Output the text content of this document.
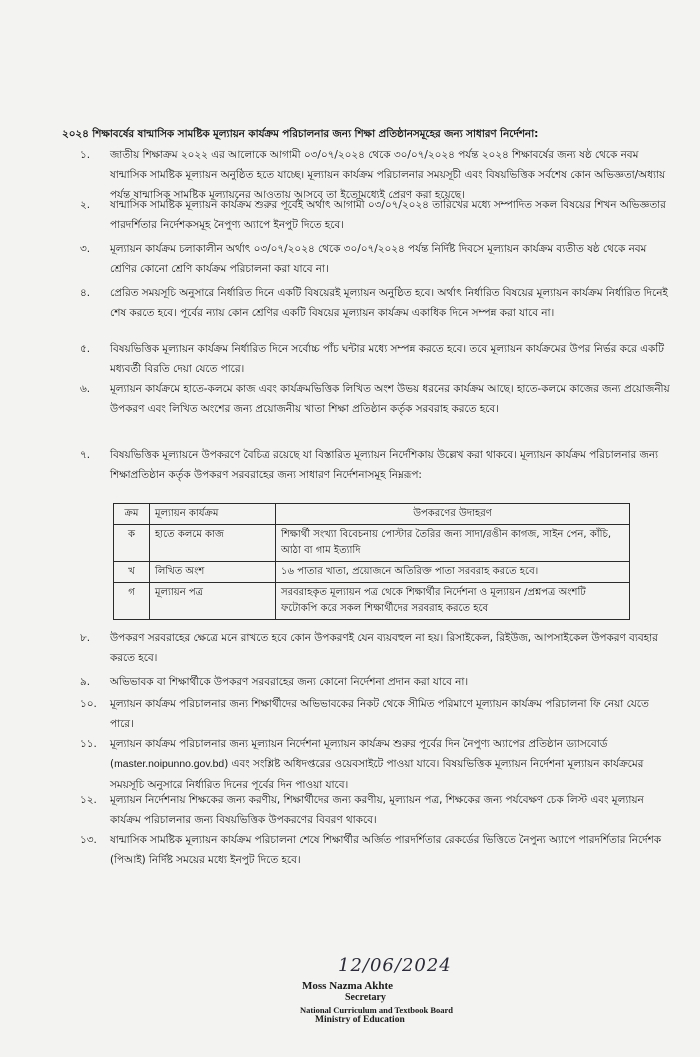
২০২৪ শিক্ষাবর্ষের ষান্মাসিক সামষ্টিক মূল্যায়ন কার্যক্রম পরিচালনার জন্য শিক্ষা প্রতিষ্ঠানসমূহের জন্য সাধারণ নির্দেশনা:
১. জাতীয় শিক্ষাক্রম ২০২২ এর আলোকে আগামী ০৩/০৭/২০২৪ থেকে ৩০/০৭/২০২৪ পর্যন্ত ২০২৪ শিক্ষাবর্ষের জন্য ষষ্ঠ থেকে নবম ষান্মাসিক সামষ্টিক মূল্যায়ন অনুষ্ঠিত হতে যাচ্ছে। মূল্যায়ন কার্যক্রম পরিচালনার সময়সূচী এবং বিষয়ভিত্তিক সর্বশেষ কোন অভিজ্ঞতা/অধ্যায় পর্যন্ত ষান্মাসিক সামষ্টিক মূল্যায়নের আওতায় আসবে তা ইতোমধ্যেই প্রেরণ করা হয়েছে।
২. ষান্মাসিক সামষ্টিক মূল্যায়ন কার্যক্রম শুরুর পূর্বেই অর্থাৎ আগামী ০৩/০৭/২০২৪ তারিখের মধ্যে সম্পাদিত সকল বিষয়ের শিখন অভিজ্ঞতার পারদর্শিতার নির্দেশকসমূহ নৈপুণ্য অ্যাপে ইনপুট দিতে হবে।
৩. মূল্যায়ন কার্যক্রম চলাকালীন অর্থাৎ ০৩/০৭/২০২৪ থেকে ৩০/০৭/২০২৪ পর্যন্ত নির্দিষ্ট দিবসে মূল্যায়ন কার্যক্রম ব্যতীত ষষ্ঠ থেকে নবম শ্রেণির কোনো শ্রেণি কার্যক্রম পরিচালনা করা যাবে না।
৪. প্রেরিত সময়সূচি অনুসারে নির্ধারিত দিনে একটি বিষয়েরই মূল্যায়ন অনুষ্ঠিত হবে। অর্থাৎ নির্ধারিত বিষয়ের মূল্যায়ন কার্যক্রম নির্ধারিত দিনেই শেষ করতে হবে। পূর্বের ন্যায় কোন শ্রেণির একটি বিষয়ের মূল্যায়ন কার্যক্রম একাধিক দিনে সম্পন্ন করা যাবে না।
৫. বিষয়ভিত্তিক মূল্যায়ন কার্যক্রম নির্ধারিত দিনে সর্বোচ্চ পাঁচ ঘন্টার মধ্যে সম্পন্ন করতে হবে। তবে মূল্যায়ন কার্যক্রমের উপর নির্ভর করে একটি মধ্যবর্তী বিরতি দেয়া যেতে পারে।
৬. মূল্যায়ন কার্যক্রমে হাতে-কলমে কাজ এবং কার্যক্রমভিত্তিক লিখিত অংশ উভয় ধরনের কার্যক্রম আছে। হাতে-কলমে কাজের জন্য প্রয়োজনীয় উপকরণ এবং লিখিত অংশের জন্য প্রয়োজনীয় খাতা শিক্ষা প্রতিষ্ঠান কর্তৃক সরবরাহ করতে হবে।
৭. বিষয়ভিত্তিক মূল্যায়নে উপকরণে বৈচিত্র রয়েছে যা বিস্তারিত মূল্যায়ন নির্দেশিকায় উল্লেখ করা থাকবে। মূল্যায়ন কার্যক্রম পরিচালনার জন্য শিক্ষাপ্রতিষ্ঠান কর্তৃক উপকরণ সরবরাহের জন্য সাধারণ নির্দেশনাসমূহ নিম্নরূপ:
ক্রম	মূল্যায়ন কার্যক্রম	উপকরণের উদাহরণ
ক	হাতে কলমে কাজ	শিক্ষার্থী সংখ্যা বিবেচনায় পোস্টার তৈরির জন্য সাদা/রঙীন কাগজ, সাইন পেন, কাঁচি, আঠা বা গাম ইত্যাদি
খ	লিখিত অংশ	১৬ পাতার খাতা, প্রয়োজনে অতিরিক্ত পাতা সরবরাহ করতে হবে।
গ	মূল্যায়ন পত্র	সরবরাহকৃত মূল্যায়ন পত্র থেকে শিক্ষার্থীর নির্দেশনা ও মূল্যায়ন /প্রশ্নপত্র অংশটি ফটোকপি করে সকল শিক্ষার্থীদের সরবরাহ করতে হবে
৮. উপকরণ সরবরাহের ক্ষেত্রে মনে রাখতে হবে কোন উপকরণই যেন ব্যয়বহুল না হয়। রিসাইকেল, রিইউজ, আপসাইকেল উপকরণ ব্যবহার করতে হবে।
৯. অভিভাবক বা শিক্ষার্থীকে উপকরণ সরবরাহের জন্য কোনো নির্দেশনা প্রদান করা যাবে না।
১০. মূল্যায়ন কার্যক্রম পরিচালনার জন্য শিক্ষার্থীদের অভিভাবকের নিকট থেকে সীমিত পরিমাণে মূল্যায়ন কার্যক্রম পরিচালনা ফি নেয়া যেতে পারে।
১১. মূল্যায়ন কার্যক্রম পরিচালনার জন্য মূল্যায়ন নির্দেশনা মূল্যায়ন কার্যক্রম শুরুর পূর্বের দিন নৈপুণ্য অ্যাপের প্রতিষ্ঠান ড্যাসবোর্ড (master.noipunno.gov.bd) এবং সংশ্লিষ্ট অধিদপ্তরের ওয়েবসাইটে পাওয়া যাবে। বিষয়ভিত্তিক মূল্যায়ন নির্দেশনা মূল্যায়ন কার্যক্রমের সময়সূচি অনুসারে নির্ধারিত দিনের পূর্বের দিন পাওয়া যাবে।
১২. মূল্যায়ন নির্দেশনায় শিক্ষকের জন্য করণীয়, শিক্ষার্থীদের জন্য করণীয়, মূল্যায়ন পত্র, শিক্ষকের জন্য পর্যবেক্ষণ চেক লিস্ট এবং মূল্যায়ন কার্যক্রম পরিচালনার জন্য বিষয়ভিত্তিক উপকরণের বিবরণ থাকবে।
১৩. ষান্মাসিক সামষ্টিক মূল্যায়ন কার্যক্রম পরিচালনা শেষে শিক্ষার্থীর অর্জিত পারদর্শিতার রেকর্ডের ভিত্তিতে নৈপুন্য অ্যাপে পারদর্শিতার নির্দেশক (পিআই) নির্দিষ্ট সময়ের মধ্যে ইনপুট দিতে হবে।
12/06/2024
Moss Nazma Akhte
Secretary
National Curriculum and Textbook Board
Ministry of Education
